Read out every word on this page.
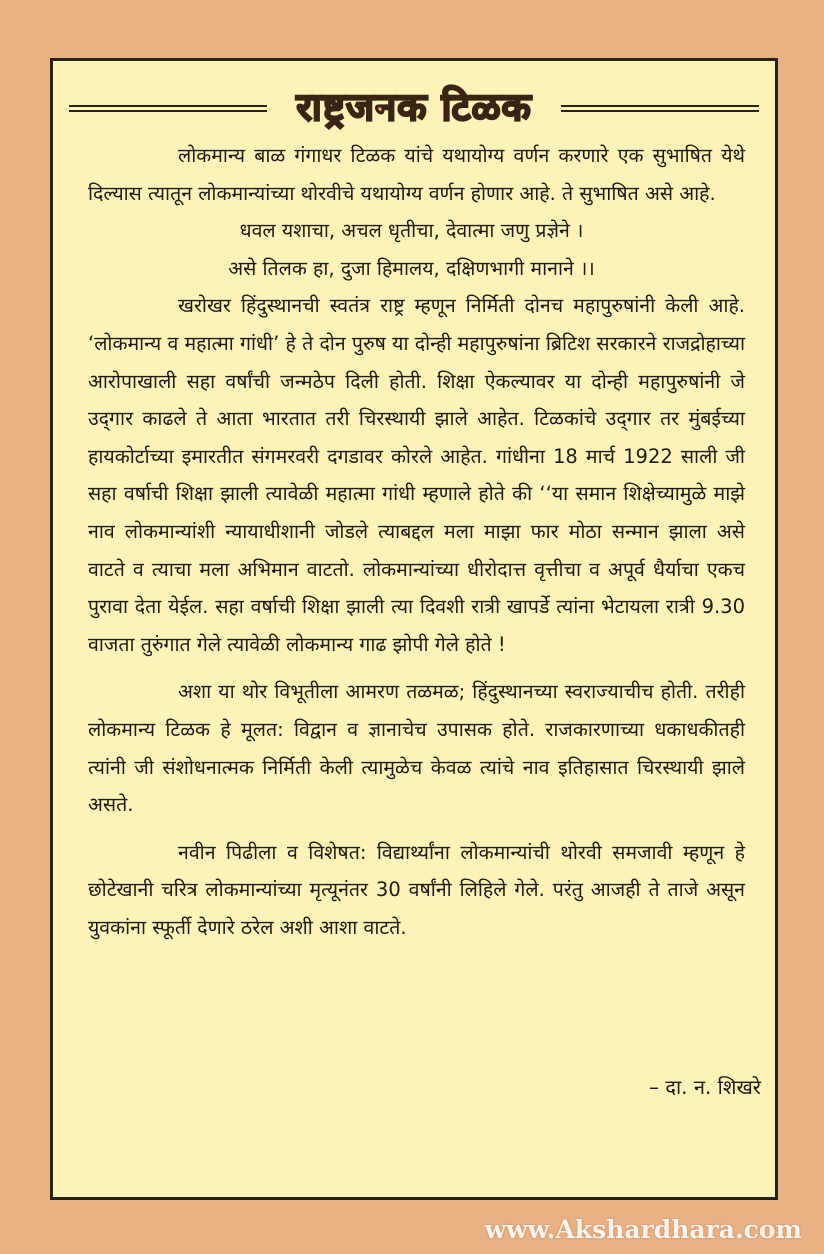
राष्ट्रजनक टिळक

लोकमान्य बाळ गंगाधर टिळक यांचे यथायोग्य वर्णन करणारे एक सुभाषित येथे दिल्यास त्यातून लोकमान्यांच्या थोरवीचे यथायोग्य वर्णन होणार आहे. ते सुभाषित असे आहे.

धवल यशाचा, अचल धृतीचा, देवात्मा जणु प्रज्ञेने ।

असे तिलक हा, दुजा हिमालय, दक्षिणभागी मानाने ।।

खरोखर हिंदुस्थानची स्वतंत्र राष्ट्र म्हणून निर्मिती दोनच महापुरुषांनी केली आहे. ‘लोकमान्य व महात्मा गांधी’ हे ते दोन पुरुष या दोन्ही महापुरुषांना ब्रिटिश सरकारने राजद्रोहाच्या आरोपाखाली सहा वर्षांची जन्मठेप दिली होती. शिक्षा ऐकल्यावर या दोन्ही महापुरुषांनी जे उद्‍गार काढले ते आता भारतात तरी चिरस्थायी झाले आहेत. टिळकांचे उद्‍गार तर मुंबईच्या हायकोर्टाच्या इमारतीत संगमरवरी दगडावर कोरले आहेत. गांधीना 18 मार्च 1922 साली जी सहा वर्षाची शिक्षा झाली त्यावेळी महात्मा गांधी म्हणाले होते की ‘‘या समान शिक्षेच्यामुळे माझे नाव लोकमान्यांशी न्यायाधीशानी जोडले त्याबद्दल मला माझा फार मोठा सन्मान झाला असे वाटते व त्याचा मला अभिमान वाटतो. लोकमान्यांच्या धीरोदात्त वृत्तीचा व अपूर्व धैर्याचा एकच पुरावा देता येईल. सहा वर्षाची शिक्षा झाली त्या दिवशी रात्री खापर्डे त्यांना भेटायला रात्री 9.30 वाजता तुरुंगात गेले त्यावेळी लोकमान्य गाढ झोपी गेले होते !

अशा या थोर विभूतीला आमरण तळमळ; हिंदुस्थानच्या स्वराज्याचीच होती. तरीही लोकमान्य टिळक हे मूलत: विद्वान व ज्ञानाचेच उपासक होते. राजकारणाच्या धकाधकीतही त्यांनी जी संशोधनात्मक निर्मिती केली त्यामुळेच केवळ त्यांचे नाव इतिहासात चिरस्थायी झाले असते.

नवीन पिढीला व विशेषत: विद्यार्थ्यांना लोकमान्यांची थोरवी समजावी म्हणून हे छोटेखानी चरित्र लोकमान्यांच्या मृत्यूनंतर 30 वर्षांनी लिहिले गेले. परंतु आजही ते ताजे असून युवकांना स्फूर्ती देणारे ठरेल अशी आशा वाटते.

– दा. न. शिखरे
www.Akshardhara.com
